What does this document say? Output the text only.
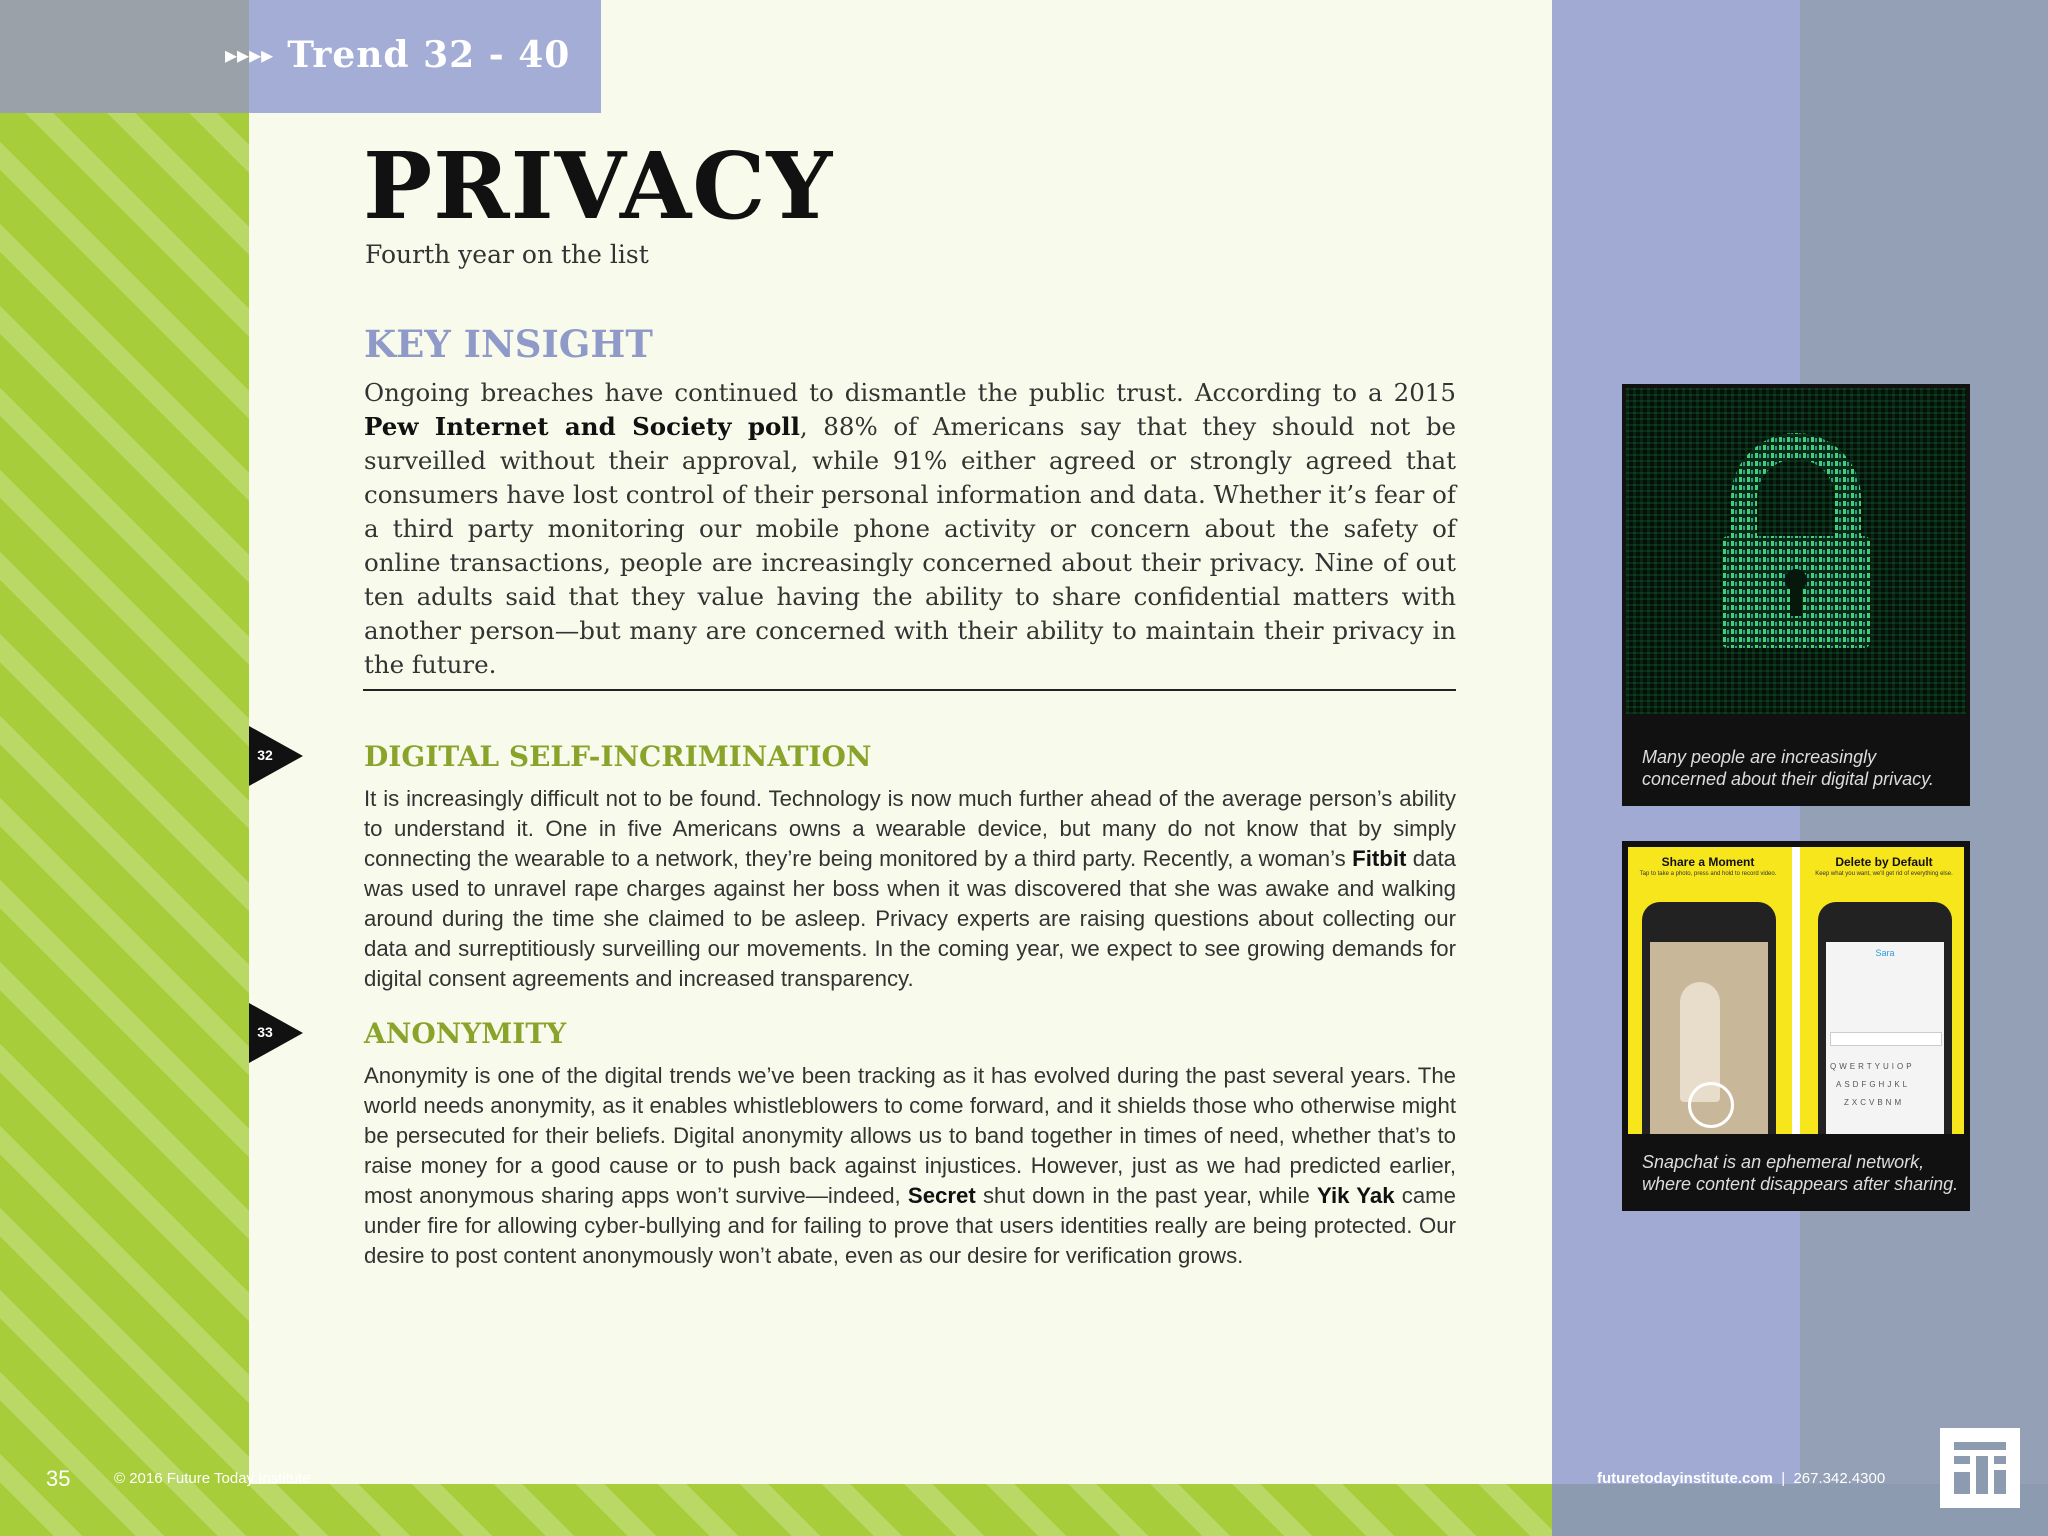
▸▸▸▸ Trend 32 - 40
PRIVACY
Fourth year on the list
KEY INSIGHT
Ongoing breaches have continued to dismantle the public trust. According to a 2015 Pew Internet and Society poll, 88% of Americans say that they should not be surveilled without their approval, while 91% either agreed or strongly agreed that consumers have lost control of their personal information and data. Whether it’s fear of a third party monitoring our mobile phone activity or concern about the safety of online transactions, people are increasingly concerned about their privacy. Nine of out ten adults said that they value having the ability to share confidential matters with another person—but many are concerned with their ability to maintain their privacy in the future.
32	DIGITAL SELF-INCRIMINATION
It is increasingly difficult not to be found. Technology is now much further ahead of the average person’s ability to understand it. One in five Americans owns a wearable device, but many do not know that by simply connecting the wearable to a network, they’re being monitored by a third party. Recently, a woman’s Fitbit data was used to unravel rape charges against her boss when it was discovered that she was awake and walking around during the time she claimed to be asleep. Privacy experts are raising questions about collecting our data and surreptitiously surveilling our movements. In the coming year, we expect to see growing demands for digital consent agreements and increased transparency.
33	ANONYMITY
Anonymity is one of the digital trends we’ve been tracking as it has evolved during the past several years. The world needs anonymity, as it enables whistleblowers to come forward, and it shields those who otherwise might be persecuted for their beliefs. Digital anonymity allows us to band together in times of need, whether that’s to raise money for a good cause or to push back against injustices. However, just as we had predicted earlier, most anonymous sharing apps won’t survive—indeed, Secret shut down in the past year, while Yik Yak came under fire for allowing cyber-bullying and for failing to prove that users identities really are being protected. Our desire to post content anonymously won’t abate, even as our desire for verification grows.
Many people are increasingly concerned about their digital privacy.
Share a Moment
Tap to take a photo, press and hold to record video.
Delete by Default
Keep what you want, we'll get rid of everything else.
Sara
QWERTYUIOP
ASDFGHJKL
ZXCVBNM
Snapchat is an ephemeral network, where content disappears after sharing.
35	© 2016 Future Today Institute	futuretodayinstitute.com | 267.342.4300
